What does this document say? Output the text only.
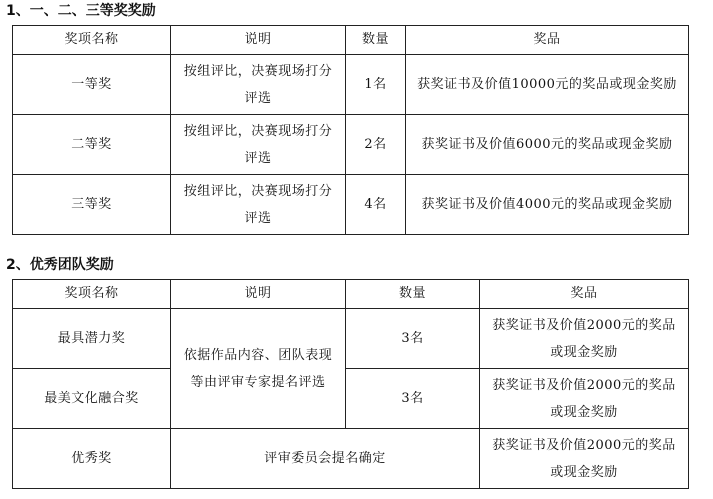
1、一、二、三等奖奖励
奖项名称	说明	数量	奖品
一等奖	按组评比，决赛现场打分评选	1名	获奖证书及价值10000元的奖品或现金奖励

二等奖	按组评比，决赛现场打分评选	2名	获奖证书及价值6000元的奖品或现金奖励

三等奖	按组评比，决赛现场打分评选	4名	获奖证书及价值4000元的奖品或现金奖励
2、优秀团队奖励
奖项名称	说明	数量	奖品
最具潜力奖	依据作品内容、团队表现等由评审专家提名评选	3名	获奖证书及价值2000元的奖品或现金奖励

最美文化融合奖		3名	获奖证书及价值2000元的奖品或现金奖励

优秀奖	评审委员会提名确定		获奖证书及价值2000元的奖品或现金奖励
